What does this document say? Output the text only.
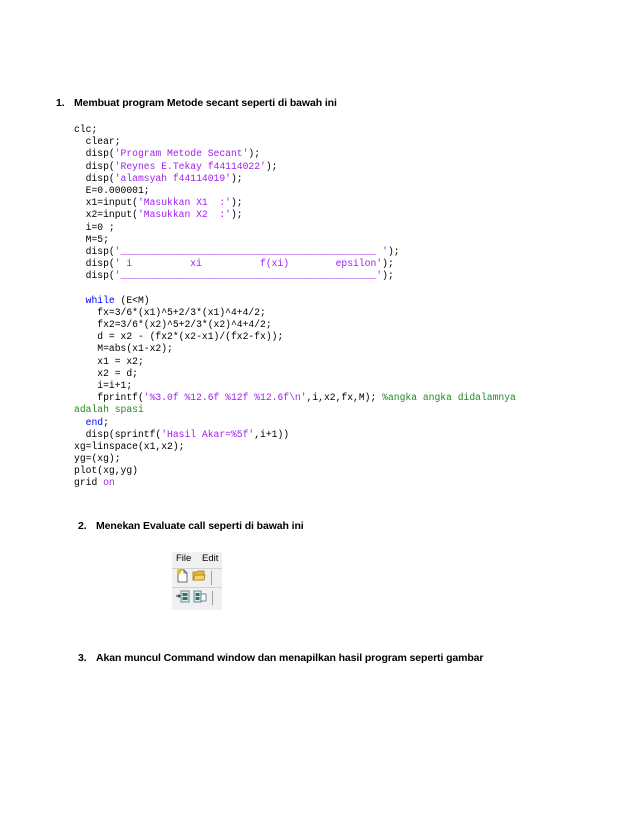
1. Membuat program Metode secant seperti di bawah ini
clc;
clear;
disp('Program Metode Secant');
disp('Reynes E.Tekay f44114022');
disp('alamsyah f44114019');
E=0.000001;
x1=input('Masukkan X1  :');
x2=input('Masukkan X2  :');
i=0 ;
M=5;
disp('____________________________________________ ');
disp(' i          xi          f(xi)        epsilon');
disp('____________________________________________');
while (E<M)
fx=3/6*(x1)^5+2/3*(x1)^4+4/2;
fx2=3/6*(x2)^5+2/3*(x2)^4+4/2;
d = x2 - (fx2*(x2-x1)/(fx2-fx));
M=abs(x1-x2);
x1 = x2;
x2 = d;
i=i+1;
fprintf('%3.0f %12.6f %12f %12.6f\n',i,x2,fx,M); %angka angka didalamnya
adalah spasi
end;
disp(sprintf('Hasil Akar=%5f',i+1))
xg=linspace(x1,x2);
yg=(xg);
plot(xg,yg)
grid on
2. Menekan Evaluate call seperti di bawah ini
File Edit
3. Akan muncul Command window dan menapilkan hasil program seperti gambar
